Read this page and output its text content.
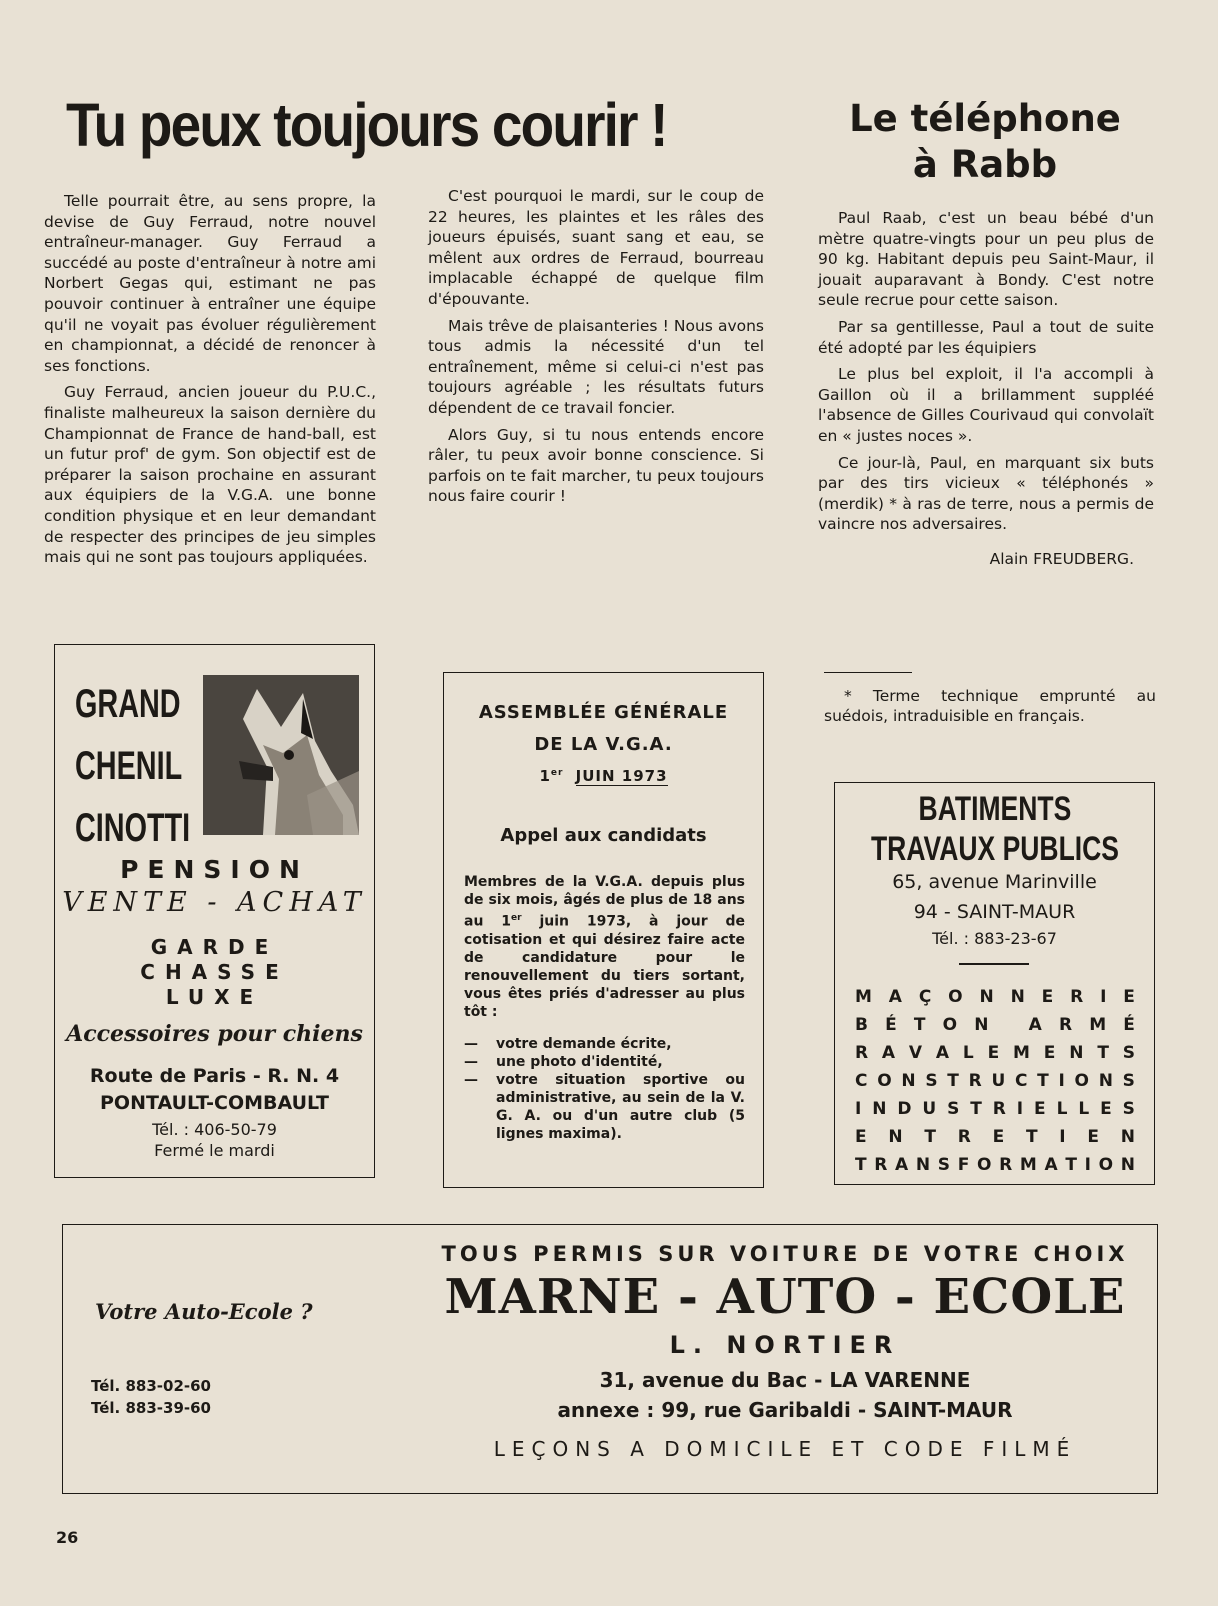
Tu peux toujours courir !	Le téléphone
à Rabb

Telle pourrait être, au sens propre, la devise de Guy Ferraud, notre nouvel entraîneur-manager. Guy Ferraud a succédé au poste d'entraîneur à notre ami Norbert Gegas qui, estimant ne pas pouvoir continuer à entraîner une équipe qu'il ne voyait pas évoluer régulièrement en championnat, a décidé de renoncer à ses fonctions.

Guy Ferraud, ancien joueur du P.U.C., finaliste malheureux la saison dernière du Championnat de France de hand-ball, est un futur prof' de gym. Son objectif est de préparer la saison prochaine en assurant aux équipiers de la V.G.A. une bonne condition physique et en leur demandant de respecter des principes de jeu simples mais qui ne sont pas toujours appliquées.

C'est pourquoi le mardi, sur le coup de 22 heures, les plaintes et les râles des joueurs épuisés, suant sang et eau, se mêlent aux ordres de Ferraud, bourreau implacable échappé de quelque film d'épouvante.

Mais trêve de plaisanteries ! Nous avons tous admis la nécessité d'un tel entraînement, même si celui-ci n'est pas toujours agréable ; les résultats futurs dépendent de ce travail foncier.

Alors Guy, si tu nous entends encore râler, tu peux avoir bonne conscience. Si parfois on te fait marcher, tu peux toujours nous faire courir !

Paul Raab, c'est un beau bébé d'un mètre quatre-vingts pour un peu plus de 90 kg. Habitant depuis peu Saint-Maur, il jouait auparavant à Bondy. C'est notre seule recrue pour cette saison.

Par sa gentillesse, Paul a tout de suite été adopté par les équipiers

Le plus bel exploit, il l'a accompli à Gaillon où il a brillamment suppléé l'absence de Gilles Courivaud qui convolaït en « justes noces ».

Ce jour-là, Paul, en marquant six buts par des tirs vicieux « téléphonés » (merdik) * à ras de terre, nous a permis de vaincre nos adversaires.

Alain FREUDBERG.

* Terme technique emprunté au suédois, intraduisible en français.
GRAND
CHENIL
CINOTTI
PENSION
VENTE - ACHAT
GARDE
CHASSE
LUXE
Accessoires pour chiens
Route de Paris - R. N. 4
PONTAULT-COMBAULT
Tél. : 406-50-79
Fermé le mardi
ASSEMBLÉE GÉNÉRALE
DE LA V.G.A.
1er JUIN 1973
Appel aux candidats
Membres de la V.G.A. depuis plus de six mois, âgés de plus de 18 ans au 1er juin 1973, à jour de cotisation et qui désirez faire acte de candidature pour le renouvellement du tiers sortant, vous êtes priés d'adresser au plus tôt :
—	votre demande écrite,
—	une photo d'identité,
—	votre situation sportive ou administrative, au sein de la V. G. A. ou d'un autre club (5 lignes maxima).
BATIMENTS
TRAVAUX PUBLICS
65, avenue Marinville
94 - SAINT-MAUR
Tél. : 883-23-67
M A Ç O N N E R I E
B É T O N
A R M É
R A V A L E M E N T S
C O N S T R U C T I O N S
I N D U S T R I E L L E S
E N T R E T I E N
T R A N S F O R M A T I O N
Votre Auto-Ecole ?
Tél. 883-02-60
Tél. 883-39-60
TOUS PERMIS SUR VOITURE DE VOTRE CHOIX
MARNE - AUTO - ECOLE
L. NORTIER
31, avenue du Bac - LA VARENNE
annexe : 99, rue Garibaldi - SAINT-MAUR
LEÇONS A DOMICILE ET CODE FILMÉ
26
